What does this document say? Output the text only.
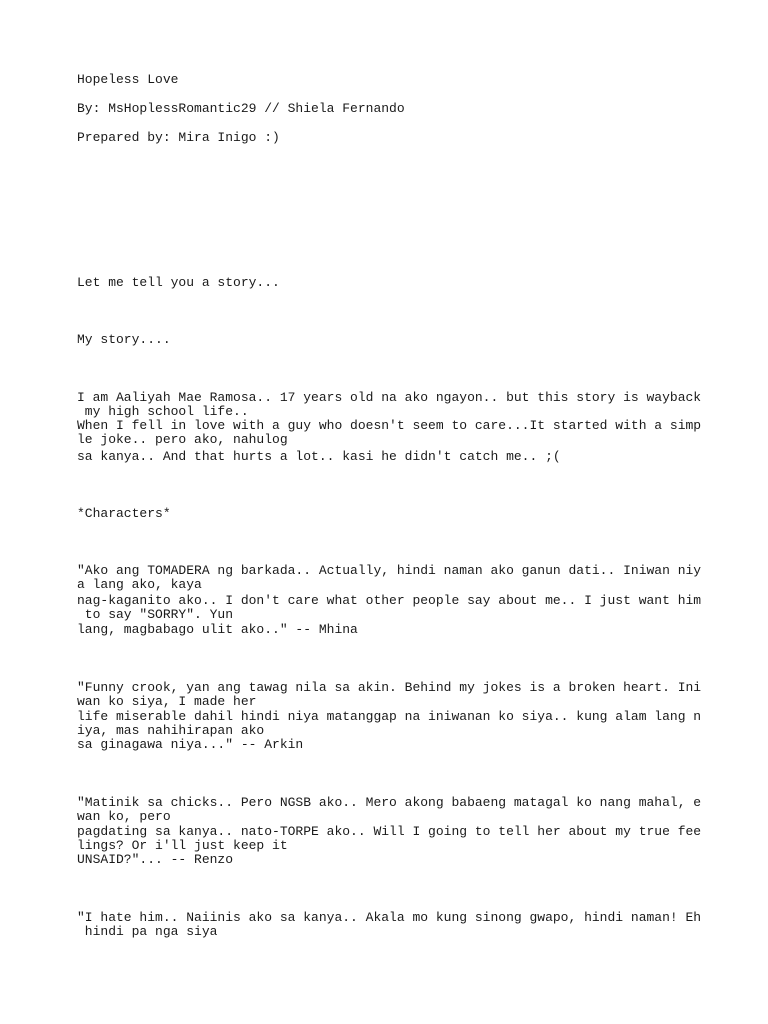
Hopeless Love
By: MsHoplessRomantic29 // Shiela Fernando
Prepared by: Mira Inigo :)
Let me tell you a story...
My story....
I am Aaliyah Mae Ramosa.. 17 years old na ako ngayon.. but this story is wayback
my high school life..
When I fell in love with a guy who doesn't seem to care...It started with a simp
le joke.. pero ako, nahulog
sa kanya.. And that hurts a lot.. kasi he didn't catch me.. ;(
*Characters*
"Ako ang TOMADERA ng barkada.. Actually, hindi naman ako ganun dati.. Iniwan niy
a lang ako, kaya
nag-kaganito ako.. I don't care what other people say about me.. I just want him
to say "SORRY". Yun
lang, magbabago ulit ako.." -- Mhina
"Funny crook, yan ang tawag nila sa akin. Behind my jokes is a broken heart. Ini
wan ko siya, I made her
life miserable dahil hindi niya matanggap na iniwanan ko siya.. kung alam lang n
iya, mas nahihirapan ako
sa ginagawa niya..." -- Arkin
"Matinik sa chicks.. Pero NGSB ako.. Mero akong babaeng matagal ko nang mahal, e
wan ko, pero
pagdating sa kanya.. nato-TORPE ako.. Will I going to tell her about my true fee
lings? Or i'll just keep it
UNSAID?"... -- Renzo
"I hate him.. Naiinis ako sa kanya.. Akala mo kung sinong gwapo, hindi naman! Eh
hindi pa nga siya
